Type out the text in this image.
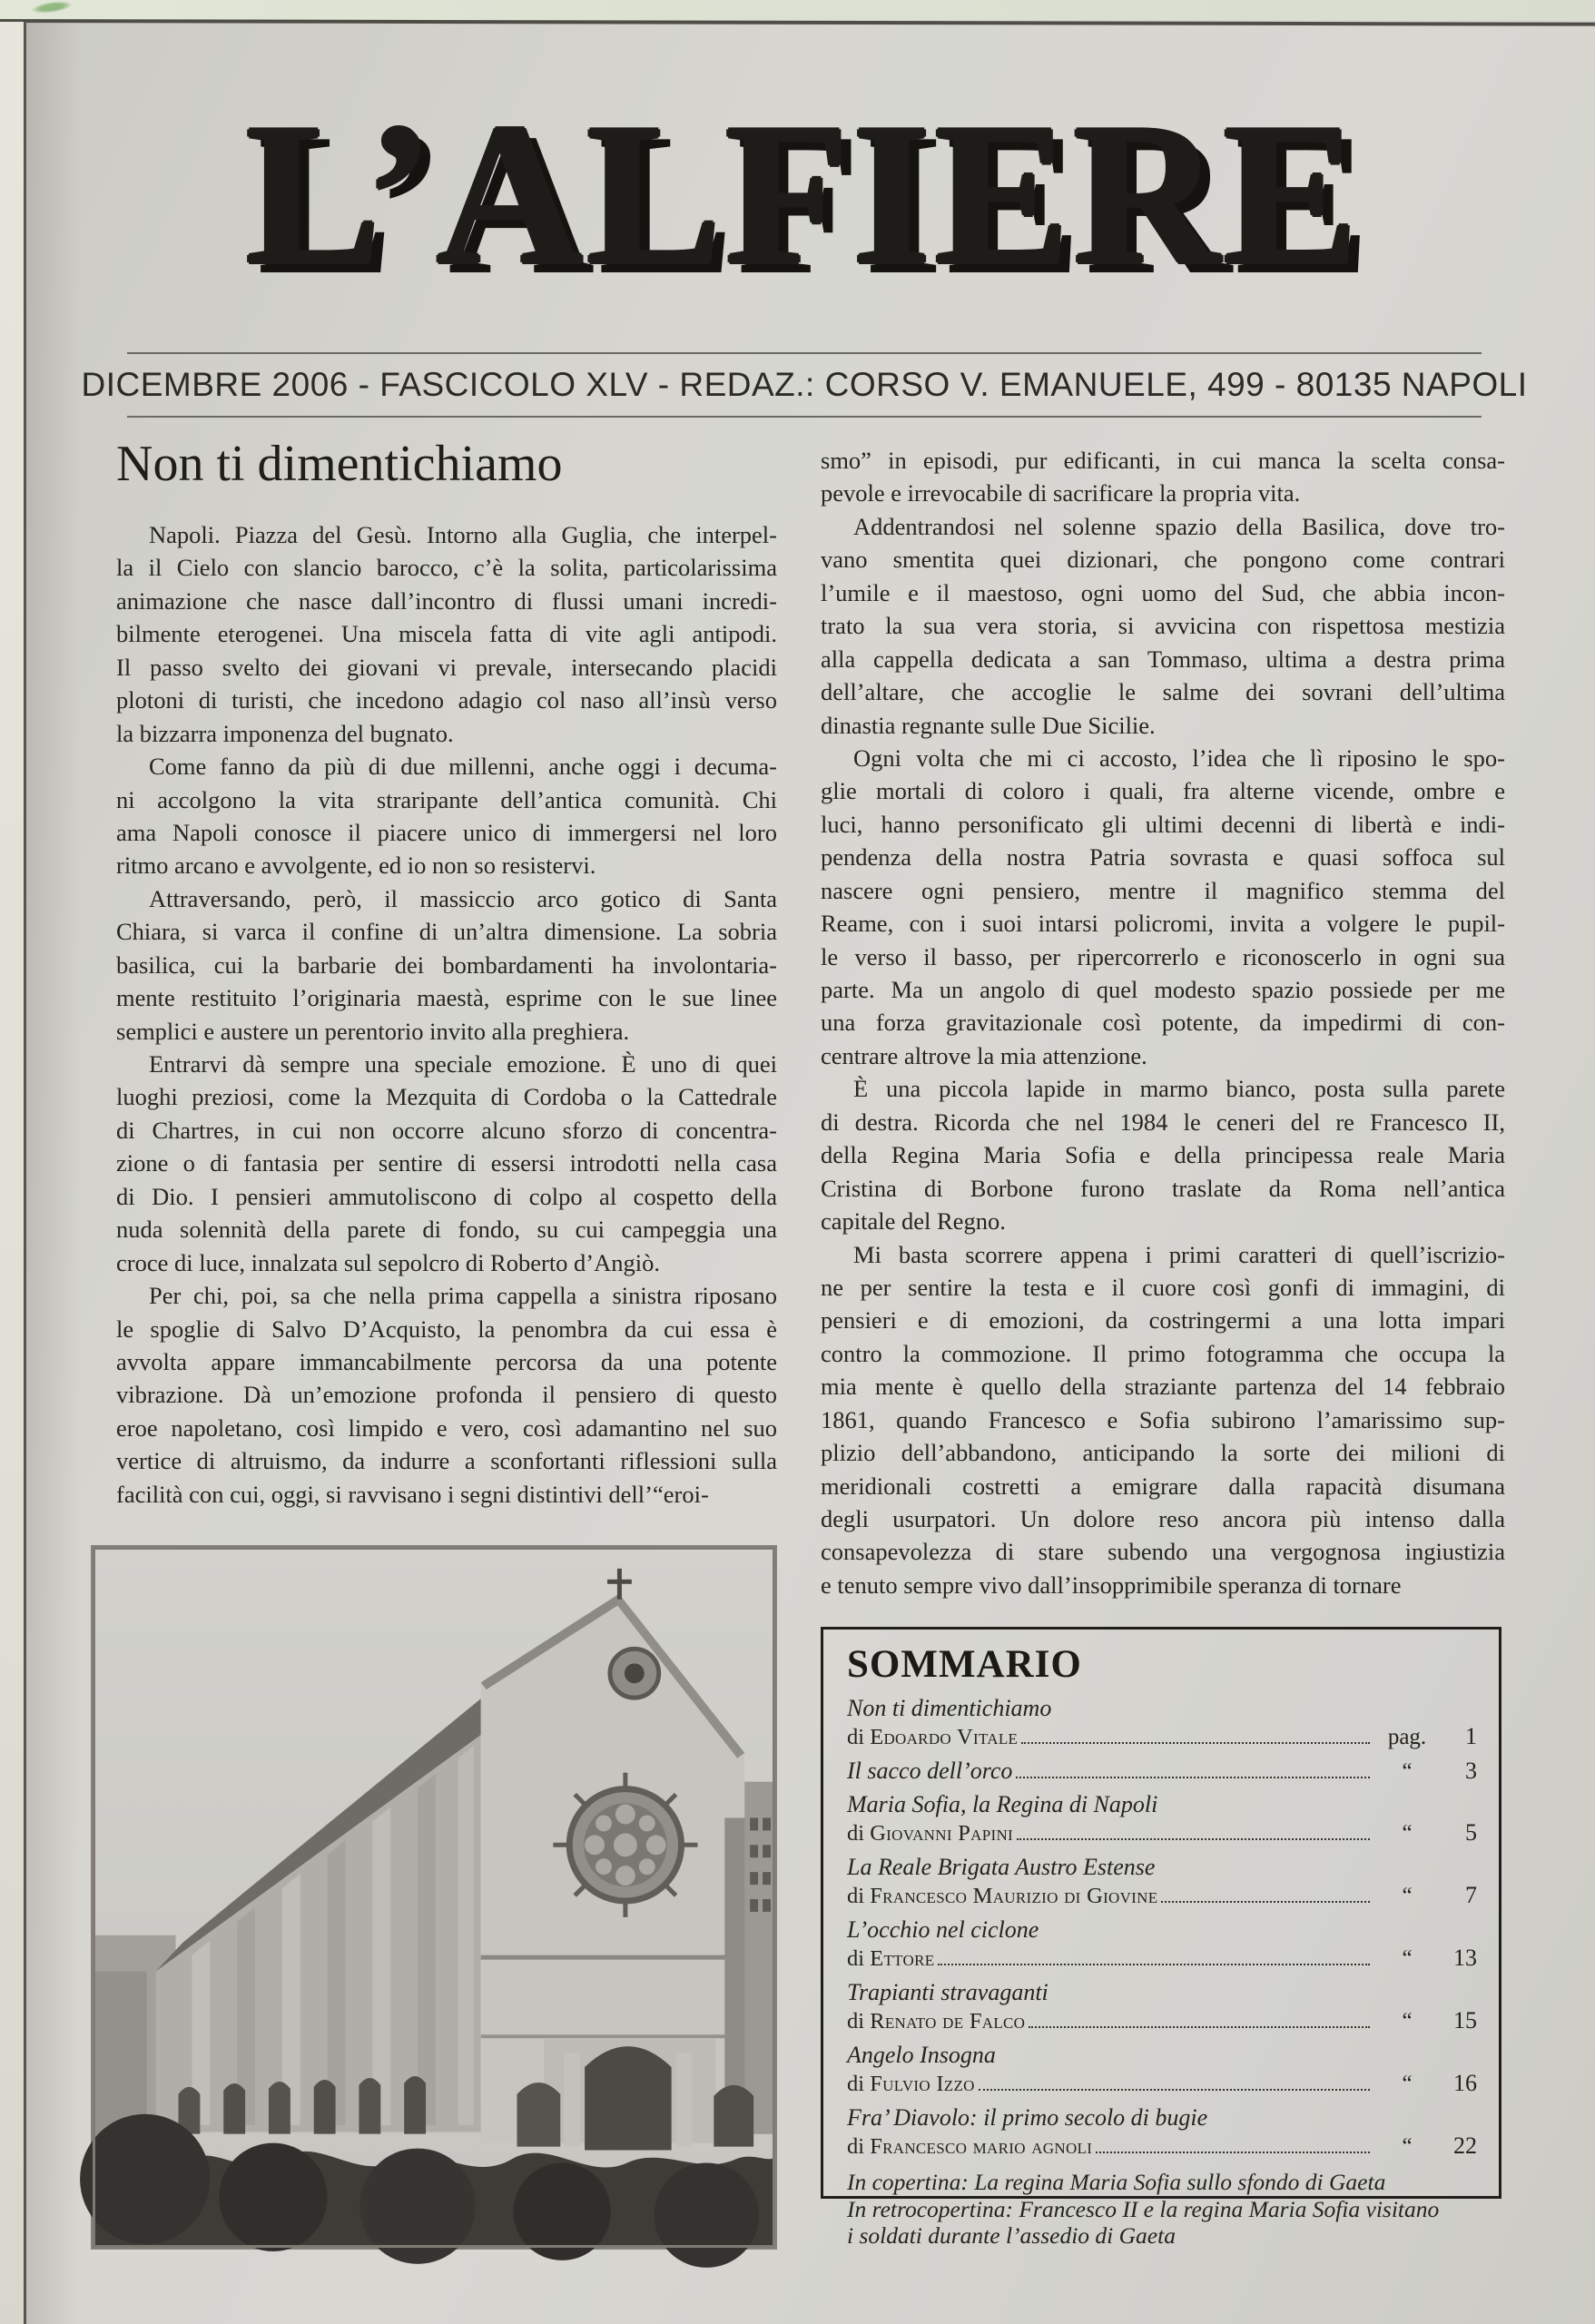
L’ALFIERE
DICEMBRE 2006 - FASCICOLO XLV - REDAZ.: CORSO V. EMANUELE, 499 - 80135 NAPOLI
Non ti dimentichiamo
Napoli. Piazza del Gesù. Intorno alla Guglia, che interpel-
la il Cielo con slancio barocco, c’è la solita, particolarissima
animazione che nasce dall’incontro di flussi umani incredi-
bilmente eterogenei. Una miscela fatta di vite agli antipodi.
Il passo svelto dei giovani vi prevale, intersecando placidi
plotoni di turisti, che incedono adagio col naso all’insù verso
la bizzarra imponenza del bugnato.
Come fanno da più di due millenni, anche oggi i decuma-
ni accolgono la vita straripante dell’antica comunità. Chi
ama Napoli conosce il piacere unico di immergersi nel loro
ritmo arcano e avvolgente, ed io non so resistervi.
Attraversando, però, il massiccio arco gotico di Santa
Chiara, si varca il confine di un’altra dimensione. La sobria
basilica, cui la barbarie dei bombardamenti ha involontaria-
mente restituito l’originaria maestà, esprime con le sue linee
semplici e austere un perentorio invito alla preghiera.
Entrarvi dà sempre una speciale emozione. È uno di quei
luoghi preziosi, come la Mezquita di Cordoba o la Cattedrale
di Chartres, in cui non occorre alcuno sforzo di concentra-
zione o di fantasia per sentire di essersi introdotti nella casa
di Dio. I pensieri ammutoliscono di colpo al cospetto della
nuda solennità della parete di fondo, su cui campeggia una
croce di luce, innalzata sul sepolcro di Roberto d’Angiò.
Per chi, poi, sa che nella prima cappella a sinistra riposano
le spoglie di Salvo D’Acquisto, la penombra da cui essa è
avvolta appare immancabilmente percorsa da una potente
vibrazione. Dà un’emozione profonda il pensiero di questo
eroe napoletano, così limpido e vero, così adamantino nel suo
vertice di altruismo, da indurre a sconfortanti riflessioni sulla
facilità con cui, oggi, si ravvisano i segni distintivi dell’“eroi-
smo” in episodi, pur edificanti, in cui manca la scelta consa-
pevole e irrevocabile di sacrificare la propria vita.
Addentrandosi nel solenne spazio della Basilica, dove tro-
vano smentita quei dizionari, che pongono come contrari
l’umile e il maestoso, ogni uomo del Sud, che abbia incon-
trato la sua vera storia, si avvicina con rispettosa mestizia
alla cappella dedicata a san Tommaso, ultima a destra prima
dell’altare, che accoglie le salme dei sovrani dell’ultima
dinastia regnante sulle Due Sicilie.
Ogni volta che mi ci accosto, l’idea che lì riposino le spo-
glie mortali di coloro i quali, fra alterne vicende, ombre e
luci, hanno personificato gli ultimi decenni di libertà e indi-
pendenza della nostra Patria sovrasta e quasi soffoca sul
nascere ogni pensiero, mentre il magnifico stemma del
Reame, con i suoi intarsi policromi, invita a volgere le pupil-
le verso il basso, per ripercorrerlo e riconoscerlo in ogni sua
parte. Ma un angolo di quel modesto spazio possiede per me
una forza gravitazionale così potente, da impedirmi di con-
centrare altrove la mia attenzione.
È una piccola lapide in marmo bianco, posta sulla parete
di destra. Ricorda che nel 1984 le ceneri del re Francesco II,
della Regina Maria Sofia e della principessa reale Maria
Cristina di Borbone furono traslate da Roma nell’antica
capitale del Regno.
Mi basta scorrere appena i primi caratteri di quell’iscrizio-
ne per sentire la testa e il cuore così gonfi di immagini, di
pensieri e di emozioni, da costringermi a una lotta impari
contro la commozione. Il primo fotogramma che occupa la
mia mente è quello della straziante partenza del 14 febbraio
1861, quando Francesco e Sofia subirono l’amarissimo sup-
plizio dell’abbandono, anticipando la sorte dei milioni di
meridionali costretti a emigrare dalla rapacità disumana
degli usurpatori. Un dolore reso ancora più intenso dalla
consapevolezza di stare subendo una vergognosa ingiustizia
e tenuto sempre vivo dall’insopprimibile speranza di tornare
SOMMARIO
Non ti dimentichiamo
di Edoardo Vitale	pag.	1
Il sacco dell’orco	“	3
Maria Sofia, la Regina di Napoli
di Giovanni Papini	“	5
La Reale Brigata Austro Estense
di Francesco Maurizio di Giovine	“	7
L’occhio nel ciclone
di Ettore	“	13
Trapianti stravaganti
di Renato de Falco	“	15
Angelo Insogna
di Fulvio Izzo	“	16
Fra’ Diavolo: il primo secolo di bugie
di Francesco mario agnoli	“	22
In copertina: La regina Maria Sofia sullo sfondo di Gaeta
In retrocopertina: Francesco II e la regina Maria Sofia visitano
i soldati durante l’assedio di Gaeta
